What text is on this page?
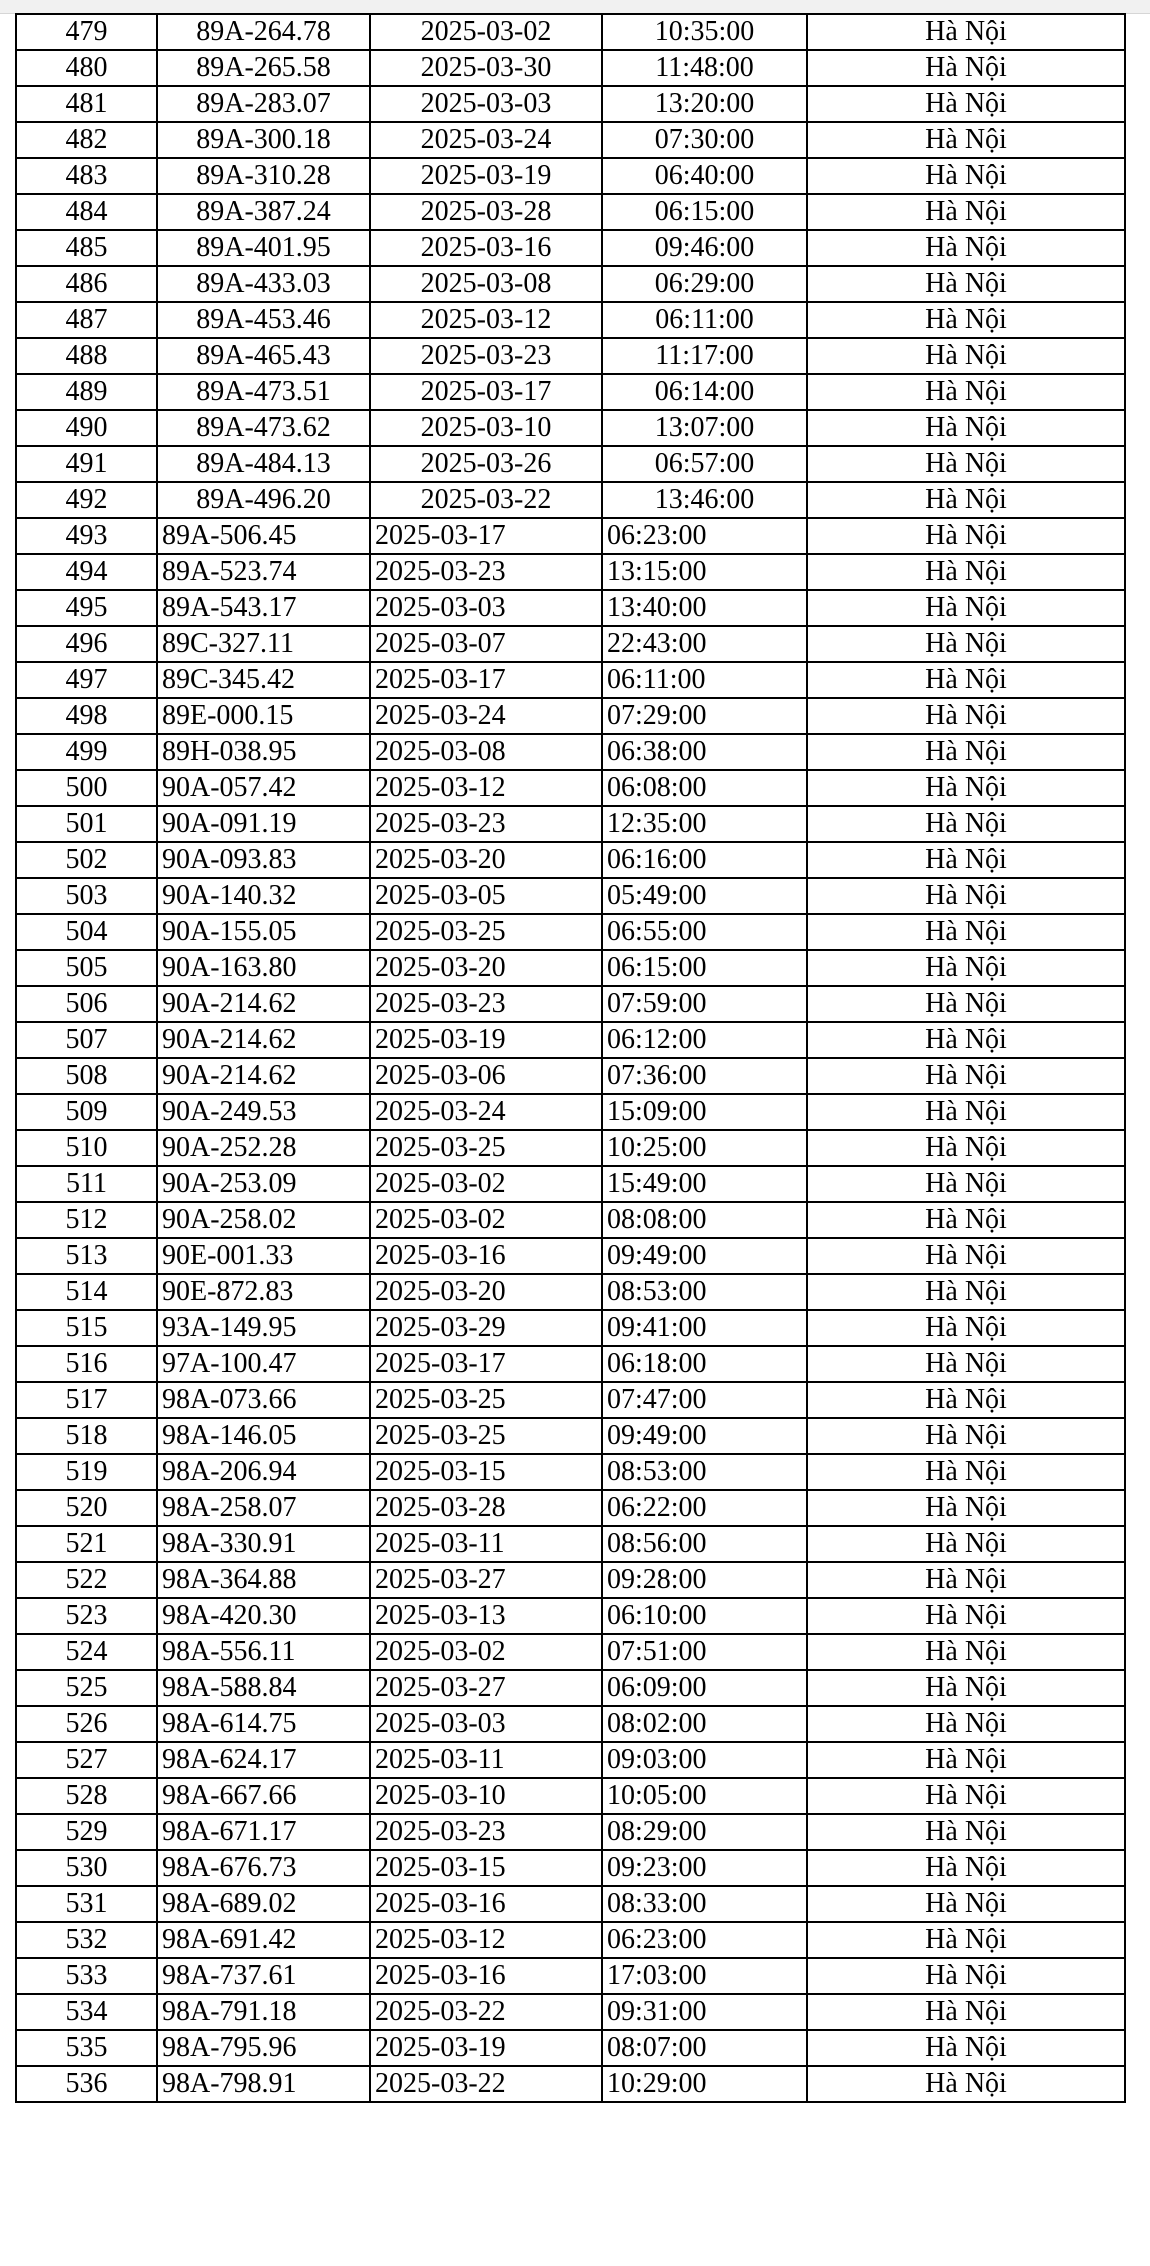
479	89A-264.78	2025-03-02	10:35:00	Hà Nội
480	89A-265.58	2025-03-30	11:48:00	Hà Nội
481	89A-283.07	2025-03-03	13:20:00	Hà Nội
482	89A-300.18	2025-03-24	07:30:00	Hà Nội
483	89A-310.28	2025-03-19	06:40:00	Hà Nội
484	89A-387.24	2025-03-28	06:15:00	Hà Nội
485	89A-401.95	2025-03-16	09:46:00	Hà Nội
486	89A-433.03	2025-03-08	06:29:00	Hà Nội
487	89A-453.46	2025-03-12	06:11:00	Hà Nội
488	89A-465.43	2025-03-23	11:17:00	Hà Nội
489	89A-473.51	2025-03-17	06:14:00	Hà Nội
490	89A-473.62	2025-03-10	13:07:00	Hà Nội
491	89A-484.13	2025-03-26	06:57:00	Hà Nội
492	89A-496.20	2025-03-22	13:46:00	Hà Nội
493	89A-506.45	2025-03-17	06:23:00	Hà Nội
494	89A-523.74	2025-03-23	13:15:00	Hà Nội
495	89A-543.17	2025-03-03	13:40:00	Hà Nội
496	89C-327.11	2025-03-07	22:43:00	Hà Nội
497	89C-345.42	2025-03-17	06:11:00	Hà Nội
498	89E-000.15	2025-03-24	07:29:00	Hà Nội
499	89H-038.95	2025-03-08	06:38:00	Hà Nội
500	90A-057.42	2025-03-12	06:08:00	Hà Nội
501	90A-091.19	2025-03-23	12:35:00	Hà Nội
502	90A-093.83	2025-03-20	06:16:00	Hà Nội
503	90A-140.32	2025-03-05	05:49:00	Hà Nội
504	90A-155.05	2025-03-25	06:55:00	Hà Nội
505	90A-163.80	2025-03-20	06:15:00	Hà Nội
506	90A-214.62	2025-03-23	07:59:00	Hà Nội
507	90A-214.62	2025-03-19	06:12:00	Hà Nội
508	90A-214.62	2025-03-06	07:36:00	Hà Nội
509	90A-249.53	2025-03-24	15:09:00	Hà Nội
510	90A-252.28	2025-03-25	10:25:00	Hà Nội
511	90A-253.09	2025-03-02	15:49:00	Hà Nội
512	90A-258.02	2025-03-02	08:08:00	Hà Nội
513	90E-001.33	2025-03-16	09:49:00	Hà Nội
514	90E-872.83	2025-03-20	08:53:00	Hà Nội
515	93A-149.95	2025-03-29	09:41:00	Hà Nội
516	97A-100.47	2025-03-17	06:18:00	Hà Nội
517	98A-073.66	2025-03-25	07:47:00	Hà Nội
518	98A-146.05	2025-03-25	09:49:00	Hà Nội
519	98A-206.94	2025-03-15	08:53:00	Hà Nội
520	98A-258.07	2025-03-28	06:22:00	Hà Nội
521	98A-330.91	2025-03-11	08:56:00	Hà Nội
522	98A-364.88	2025-03-27	09:28:00	Hà Nội
523	98A-420.30	2025-03-13	06:10:00	Hà Nội
524	98A-556.11	2025-03-02	07:51:00	Hà Nội
525	98A-588.84	2025-03-27	06:09:00	Hà Nội
526	98A-614.75	2025-03-03	08:02:00	Hà Nội
527	98A-624.17	2025-03-11	09:03:00	Hà Nội
528	98A-667.66	2025-03-10	10:05:00	Hà Nội
529	98A-671.17	2025-03-23	08:29:00	Hà Nội
530	98A-676.73	2025-03-15	09:23:00	Hà Nội
531	98A-689.02	2025-03-16	08:33:00	Hà Nội
532	98A-691.42	2025-03-12	06:23:00	Hà Nội
533	98A-737.61	2025-03-16	17:03:00	Hà Nội
534	98A-791.18	2025-03-22	09:31:00	Hà Nội
535	98A-795.96	2025-03-19	08:07:00	Hà Nội
536	98A-798.91	2025-03-22	10:29:00	Hà Nội
